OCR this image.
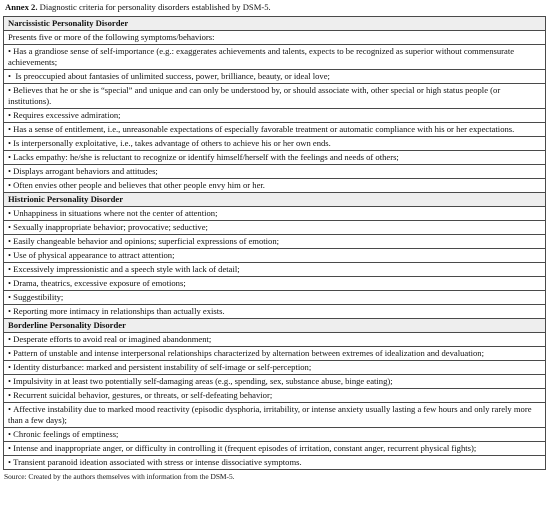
Annex 2. Diagnostic criteria for personality disorders established by DSM-5.
Narcissistic Personality Disorder
Presents five or more of the following symptoms/behaviors:
• Has a grandiose sense of self-importance (e.g.: exaggerates achievements and talents, expects to be recognized as superior without commensurate achievements;
•  Is preoccupied about fantasies of unlimited success, power, brilliance, beauty, or ideal love;
• Believes that he or she is “special” and unique and can only be understood by, or should associate with, other special or high status people (or institutions).
• Requires excessive admiration;
• Has a sense of entitlement, i.e., unreasonable expectations of especially favorable treatment or automatic compliance with his or her expectations.
• Is interpersonally exploitative, i.e., takes advantage of others to achieve his or her own ends.
• Lacks empathy: he/she is reluctant to recognize or identify himself/herself with the feelings and needs of others;
• Displays arrogant behaviors and attitudes;
• Often envies other people and believes that other people envy him or her.
Histrionic Personality Disorder
• Unhappiness in situations where not the center of attention;
• Sexually inappropriate behavior; provocative; seductive;
• Easily changeable behavior and opinions; superficial expressions of emotion;
• Use of physical appearance to attract attention;
• Excessively impressionistic and a speech style with lack of detail;
• Drama, theatrics, excessive exposure of emotions;
• Suggestibility;
• Reporting more intimacy in relationships than actually exists.
Borderline Personality Disorder
• Desperate efforts to avoid real or imagined abandonment;
• Pattern of unstable and intense interpersonal relationships characterized by alternation between extremes of idealization and devaluation;
• Identity disturbance: marked and persistent instability of self-image or self-perception;
• Impulsivity in at least two potentially self-damaging areas (e.g., spending, sex, substance abuse, binge eating);
• Recurrent suicidal behavior, gestures, or threats, or self-defeating behavior;
• Affective instability due to marked mood reactivity (episodic dysphoria, irritability, or intense anxiety usually lasting a few hours and only rarely more than a few days);
• Chronic feelings of emptiness;
• Intense and inappropriate anger, or difficulty in controlling it (frequent episodes of irritation, constant anger, recurrent physical fights);
• Transient paranoid ideation associated with stress or intense dissociative symptoms.
Source: Created by the authors themselves with information from the DSM-5.
